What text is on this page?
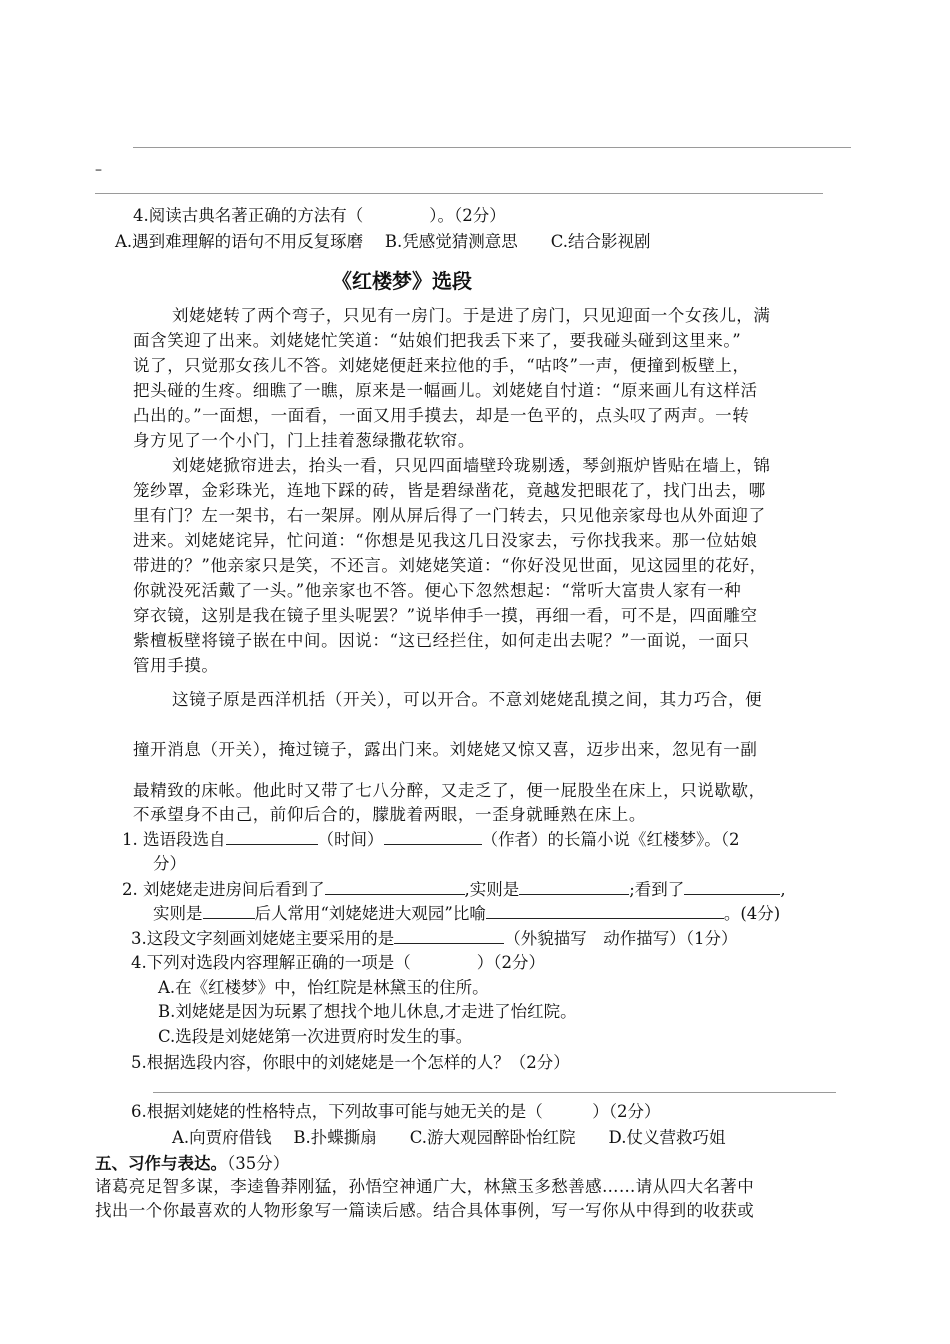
–
4.阅读古典名著正确的方法有（　　　　）。（2分）
A.遇到难理解的语句不用反复琢磨　 B.凭感觉猜测意思　　C.结合影视剧
《红楼梦》选段
刘姥姥转了两个弯子，只见有一房门。于是进了房门，只见迎面一个女孩儿，满
面含笑迎了出来。刘姥姥忙笑道：“姑娘们把我丢下来了，要我碰头碰到这里来。”
说了，只觉那女孩儿不答。刘姥姥便赶来拉他的手，“咕咚”一声，便撞到板壁上，
把头碰的生疼。细瞧了一瞧，原来是一幅画儿。刘姥姥自忖道：“原来画儿有这样活
凸出的。”一面想，一面看，一面又用手摸去，却是一色平的，点头叹了两声。一转
身方见了一个小门，门上挂着葱绿撒花软帘。
刘姥姥掀帘进去，抬头一看，只见四面墙壁玲珑剔透，琴剑瓶炉皆贴在墙上，锦
笼纱罩，金彩珠光，连地下踩的砖，皆是碧绿凿花，竟越发把眼花了，找门出去，哪
里有门？左一架书，右一架屏。刚从屏后得了一门转去，只见他亲家母也从外面迎了
进来。刘姥姥诧异，忙问道：“你想是见我这几日没家去，亏你找我来。那一位姑娘
带进的？”他亲家只是笑，不还言。刘姥姥笑道：“你好没见世面，见这园里的花好，
你就没死活戴了一头。”他亲家也不答。便心下忽然想起：“常听大富贵人家有一种
穿衣镜，这别是我在镜子里头呢罢？”说毕伸手一摸，再细一看，可不是，四面雕空
紫檀板壁将镜子嵌在中间。因说：“这已经拦住，如何走出去呢？”一面说，一面只
管用手摸。
这镜子原是西洋机括（开关），可以开合。不意刘姥姥乱摸之间，其力巧合，便
撞开消息（开关），掩过镜子，露出门来。刘姥姥又惊又喜，迈步出来，忽见有一副
最精致的床帐。他此时又带了七八分醉，又走乏了，便一屁股坐在床上，只说歇歇，
不承望身不由己，前仰后合的，朦胧着两眼，一歪身就睡熟在床上。
1. 选语段选自	（时间）	（作者）的长篇小说《红楼梦》。（2
分）
2. 刘姥姥走进房间后看到了	,实则是	;看到了	,
实则是	后人常用“刘姥姥进大观园”比喻	。(4分)
3.这段文字刻画刘姥姥主要采用的是	（外貌描写　动作描写）（1分）
4.下列对选段内容理解正确的一项是（　　　　）（2分）
A.在《红楼梦》中，怡红院是林黛玉的住所。
B.刘姥姥是因为玩累了想找个地儿休息,才走进了怡红院。
C.选段是刘姥姥第一次进贾府时发生的事。
5.根据选段内容，你眼中的刘姥姥是一个怎样的人？（2分）
6.根据刘姥姥的性格特点，下列故事可能与她无关的是（　　　）（2分）
A.向贾府借钱　 B.扑蝶撕扇　　C.游大观园醉卧怡红院　　D.仗义营救巧姐
五、习作与表达。（35分）
诸葛亮足智多谋，李逵鲁莽刚猛，孙悟空神通广大，林黛玉多愁善感……请从四大名著中
找出一个你最喜欢的人物形象写一篇读后感。结合具体事例，写一写你从中得到的收获或
